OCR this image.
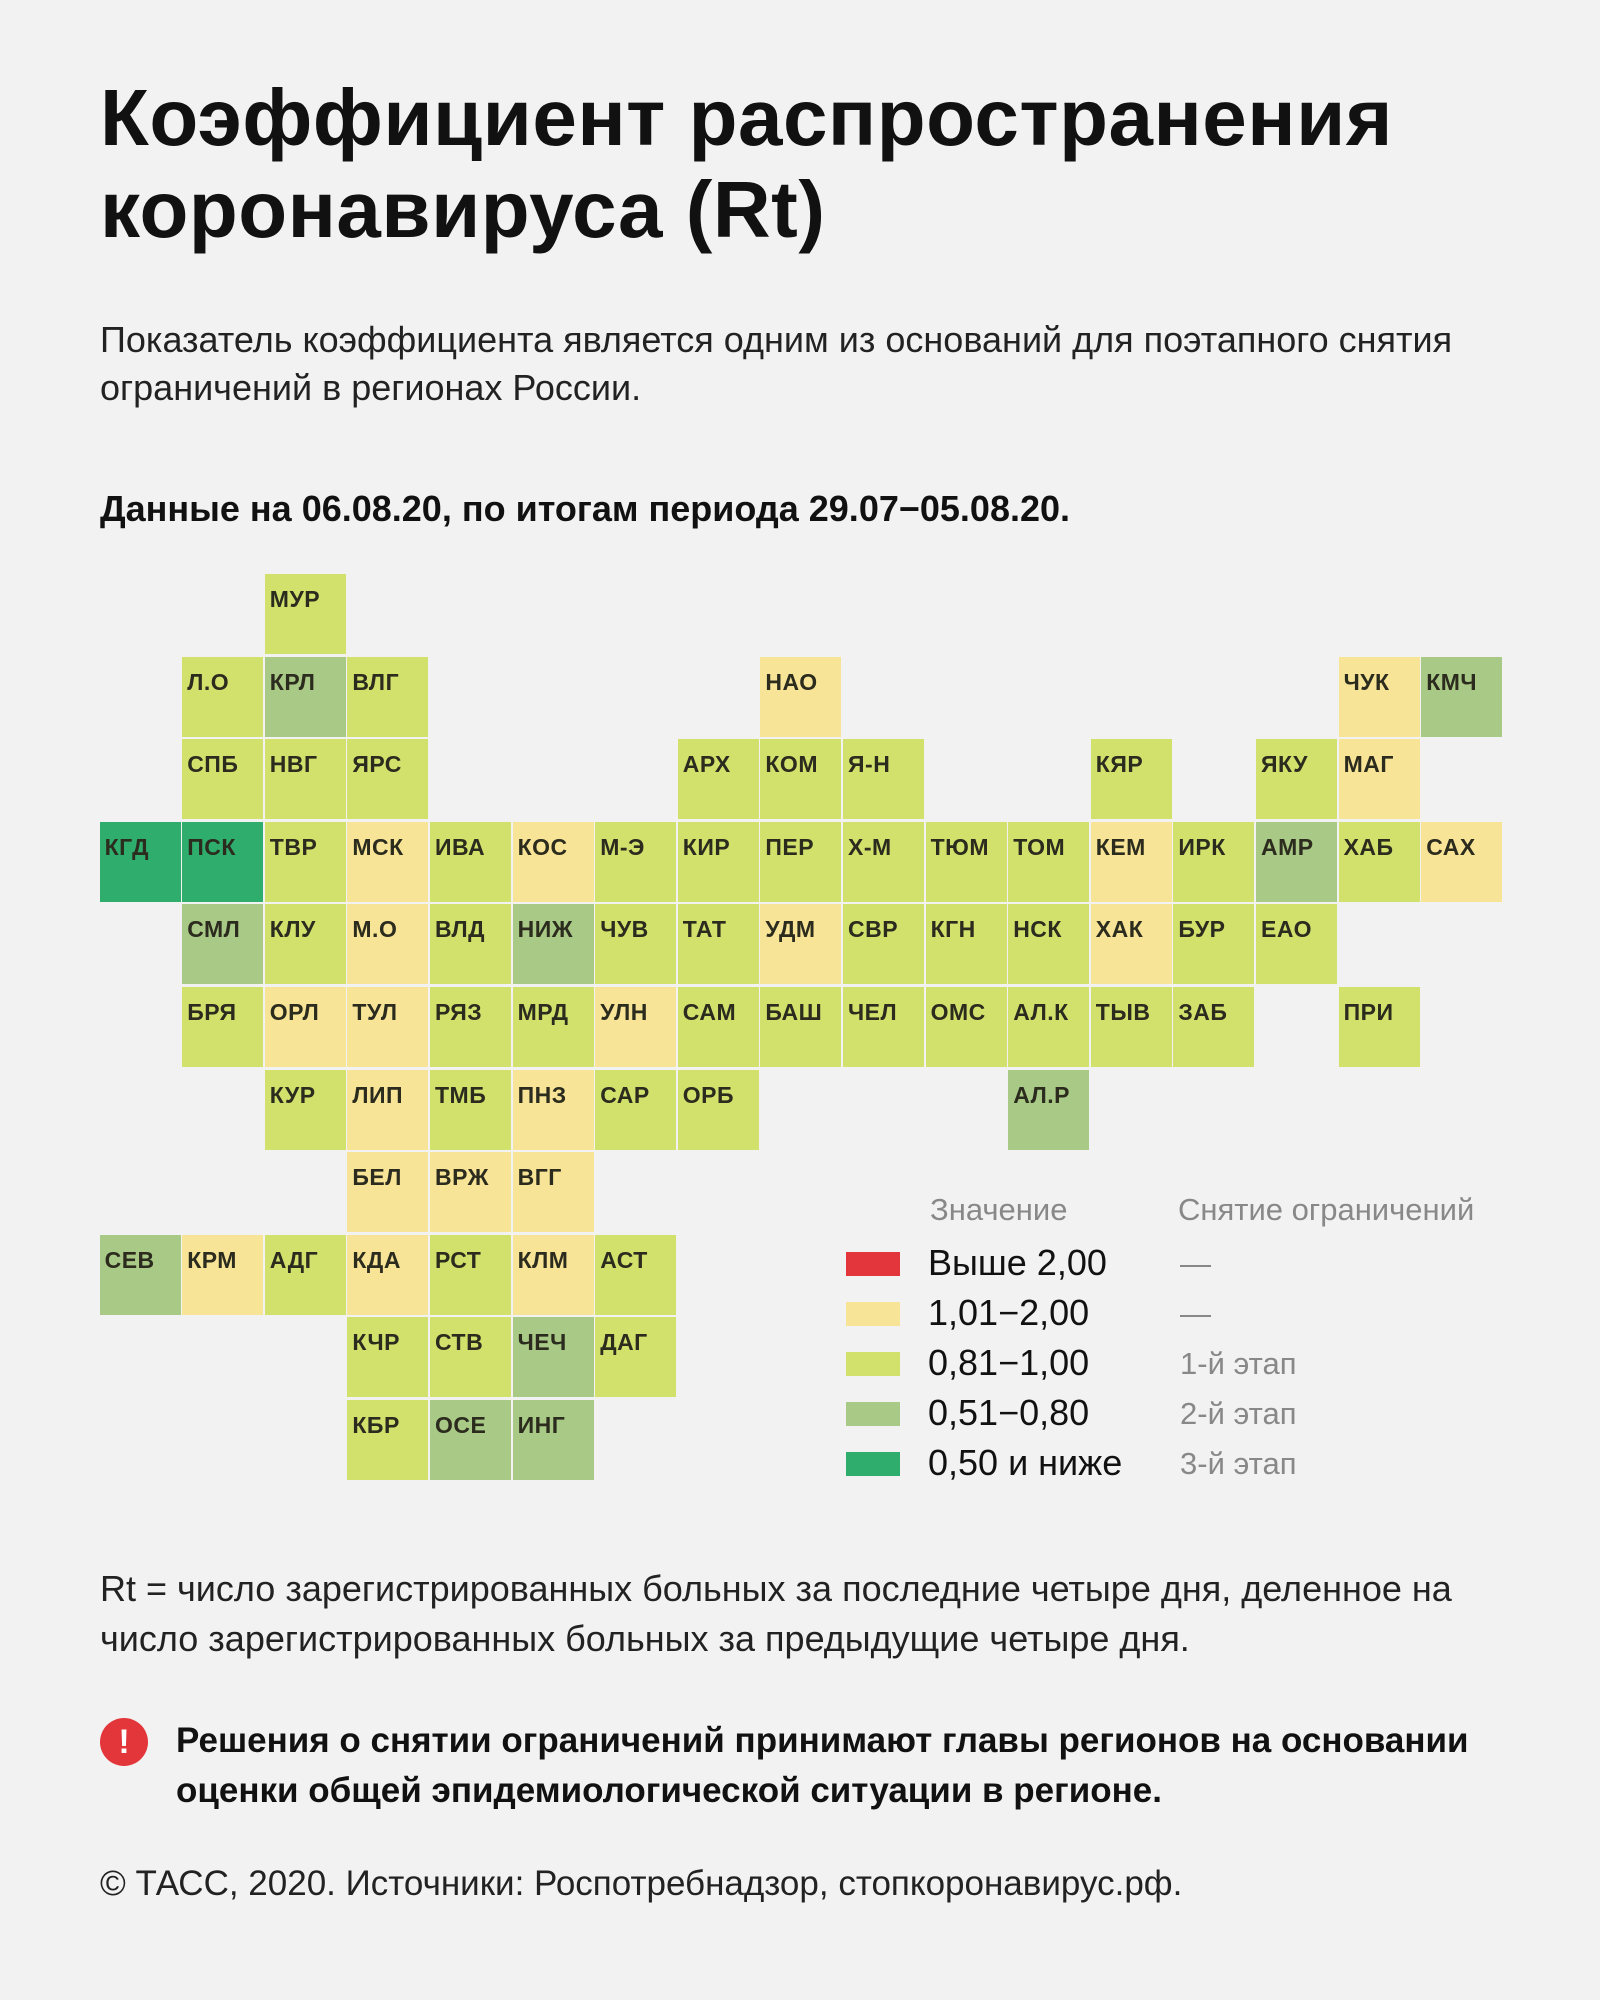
Коэффициент распространения коронавируса (Rt)
Показатель коэффициента является одним из оснований для поэтапного снятия ограничений в регионах России.
Данные на 06.08.20, по итогам периода 29.07−05.08.20.
МУР
Л.О	КРЛ	ВЛГ	НАО	ЧУК	КМЧ
СПБ	НВГ	ЯРС	АРХ	КОМ	Я-Н	КЯР	ЯКУ	МАГ
КГД	ПСК	ТВР	МСК	ИВА	КОС	М-Э	КИР	ПЕР	Х-М	ТЮМ	ТОМ	КЕМ	ИРК	АМР	ХАБ	САХ
СМЛ	КЛУ	М.О	ВЛД	НИЖ	ЧУВ	ТАТ	УДМ	СВР	КГН	НСК	ХАК	БУР	ЕАО
БРЯ	ОРЛ	ТУЛ	РЯЗ	МРД	УЛН	САМ	БАШ	ЧЕЛ	ОМС	АЛ.К	ТЫВ	ЗАБ	ПРИ
КУР	ЛИП	ТМБ	ПНЗ	САР	ОРБ	АЛ.Р
БЕЛ	ВРЖ	ВГГ
СЕВ	КРМ	АДГ	КДА	РСТ	КЛМ	АСТ
КЧР	СТВ	ЧЕЧ	ДАГ
КБР	ОСЕ	ИНГ
Значение	Снятие ограничений
Выше 2,00 —
1,01−2,00	—
0,81−1,00	1-й этап
0,51−0,80	2-й этап
0,50 и ниже 3-й этап
Rt = число зарегистрированных больных за последние четыре дня, деленное на число зарегистрированных больных за предыдущие четыре дня.
!	Решения о снятии ограничений принимают главы регионов на основании оценки общей эпидемиологической ситуации в регионе.
© ТАСС, 2020. Источники: Роспотребнадзор, стопкоронавирус.рф.
